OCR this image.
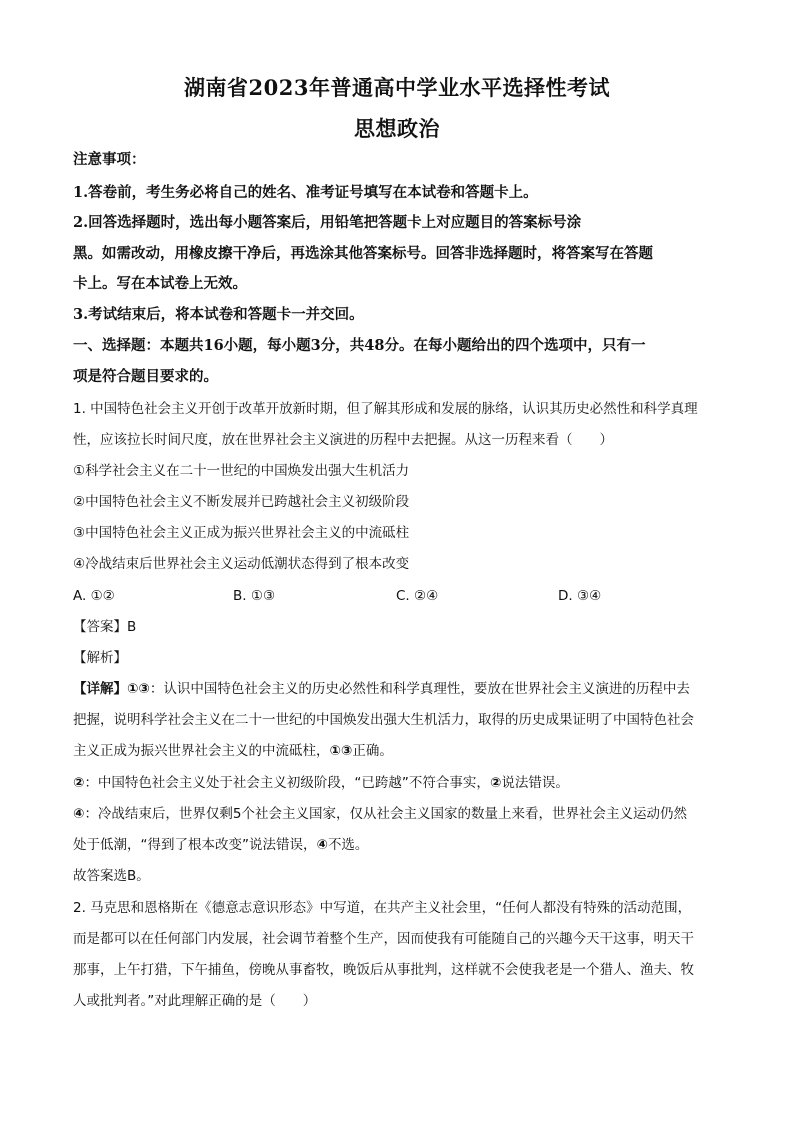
湖南省2023年普通高中学业水平选择性考试
思想政治
注意事项：
1.答卷前，考生务必将自己的姓名、准考证号填写在本试卷和答题卡上。
2.回答选择题时，选出每小题答案后，用铅笔把答题卡上对应题目的答案标号涂
黑。如需改动，用橡皮擦干净后，再选涂其他答案标号。回答非选择题时，将答案写在答题
卡上。写在本试卷上无效。
3.考试结束后，将本试卷和答题卡一并交回。
一、选择题：本题共16小题，每小题3分，共48分。在每小题给出的四个选项中，只有一
项是符合题目要求的。
1. 中国特色社会主义开创于改革开放新时期，但了解其形成和发展的脉络，认识其历史必然性和科学真理
性，应该拉长时间尺度，放在世界社会主义演进的历程中去把握。从这一历程来看（　　）
①科学社会主义在二十一世纪的中国焕发出强大生机活力
②中国特色社会主义不断发展并已跨越社会主义初级阶段
③中国特色社会主义正成为振兴世界社会主义的中流砥柱
④冷战结束后世界社会主义运动低潮状态得到了根本改变
A. ①②	B. ①③	C. ②④	D. ③④
【答案】B
【解析】
【详解】①③：认识中国特色社会主义的历史必然性和科学真理性，要放在世界社会主义演进的历程中去
把握，说明科学社会主义在二十一世纪的中国焕发出强大生机活力，取得的历史成果证明了中国特色社会
主义正成为振兴世界社会主义的中流砥柱，①③正确。
②：中国特色社会主义处于社会主义初级阶段，“已跨越”不符合事实，②说法错误。
④：冷战结束后，世界仅剩5个社会主义国家，仅从社会主义国家的数量上来看，世界社会主义运动仍然
处于低潮，“得到了根本改变”说法错误，④不选。
故答案选B。
2. 马克思和恩格斯在《德意志意识形态》中写道，在共产主义社会里，“任何人都没有特殊的活动范围，
而是都可以在任何部门内发展，社会调节着整个生产，因而使我有可能随自己的兴趣今天干这事，明天干
那事，上午打猎，下午捕鱼，傍晚从事畜牧，晚饭后从事批判，这样就不会使我老是一个猎人、渔夫、牧
人或批判者。”对此理解正确的是（　　）
